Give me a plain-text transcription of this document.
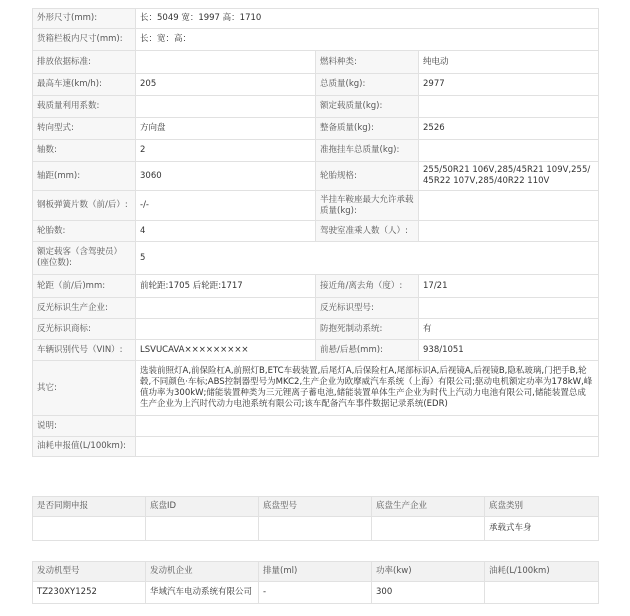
外形尺寸(mm):	长：5049 宽：1997 高：1710		
货箱栏板内尺寸(mm):	长：宽：高：		
排放依据标准:		燃料种类:	纯电动
最高车速(km/h):	205	总质量(kg):	2977
载质量利用系数:		额定载质量(kg):	
转向型式:	方向盘	整备质量(kg):	2526
轴数:	2	准拖挂车总质量(kg):	
轴距(mm):	3060	轮胎规格:	255/50R21 106V,285/45R21 109V,255/45R22 107V,285/40R22 110V
钢板弹簧片数（前/后）:	-/-	半挂车鞍座最大允许承载质量(kg):	
轮胎数:	4	驾驶室准乘人数（人）:	
额定载客（含驾驶员）(座位数):	5		
轮距（前/后)mm:	前轮距:1705 后轮距:1717	接近角/离去角（度）:	17/21
反光标识生产企业:		反光标识型号:	
反光标识商标:		防抱死制动系统:	有
车辆识别代号（VIN）:	LSVUCAVA×××××××××	前悬/后悬(mm):	938/1051
其它:	选装前照灯A,前保险杠A,前照灯B,ETC车载装置,后尾灯A,后保险杠A,尾部标识A,后视镜A,后视镜B,隐私玻璃,门把手B,轮毂,不同颜色·车标;ABS控制器型号为MKC2,生产企业为欧摩威汽车系统（上海）有限公司;驱动电机额定功率为178kW,峰值功率为300kW;储能装置种类为三元锂离子蓄电池,储能装置单体生产企业为时代上汽动力电池有限公司,储能装置总成生产企业为上汽时代动力电池系统有限公司;该车配备汽车事件数据记录系统(EDR)		
说明:			
油耗申报值(L/100km):			
是否同期申报	底盘ID	底盘型号	底盘生产企业	底盘类别
				承载式车身
发动机型号	发动机企业	排量(ml)	功率(kw)	油耗(L/100km)
TZ230XY1252	华域汽车电动系统有限公司	-	300	
